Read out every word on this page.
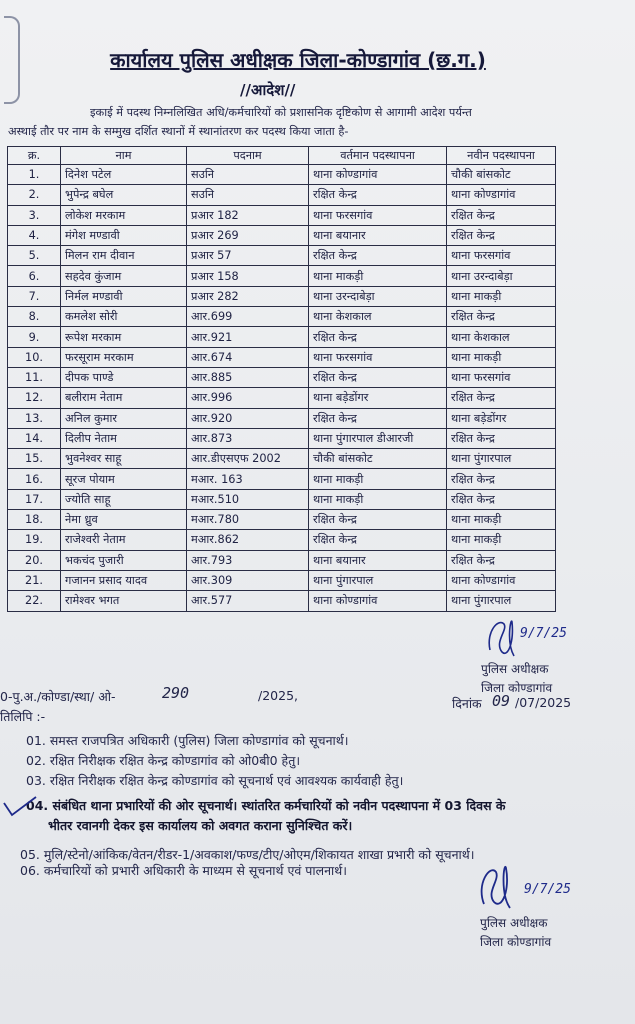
कार्यालय पुलिस अधीक्षक जिला-कोण्डागांव (छ.ग.)
//आदेश//

इकाई में पदस्थ निम्नलिखित अधि/कर्मचारियों को प्रशासनिक दृष्टिकोण से आगामी आदेश पर्यन्त

अस्थाई तौर पर नाम के सम्मुख दर्शित स्थानों में स्थानांतरण कर पदस्थ किया जाता है-

क्र.	नाम	पदनाम	वर्तमान पदस्थापना	नवीन पदस्थापना
1.	दिनेश पटेल	सउनि	थाना कोण्डागांव	चौकी बांसकोट
2.	भुपेन्द्र बघेल	सउनि	रक्षित केन्द्र	थाना कोण्डागांव
3.	लोकेश मरकाम	प्रआर 182	थाना फरसगांव	रक्षित केन्द्र
4.	मंगेश मण्डावी	प्रआर 269	थाना बयानार	रक्षित केन्द्र
5.	मिलन राम दीवान	प्रआर 57	रक्षित केन्द्र	थाना फरसगांव
6.	सहदेव कुंजाम	प्रआर 158	थाना माकड़ी	थाना उरन्दाबेड़ा
7.	निर्मल मण्डावी	प्रआर 282	थाना उरन्दाबेड़ा	थाना माकड़ी
8.	कमलेश सोरी	आर.699	थाना केशकाल	रक्षित केन्द्र
9.	रूपेश मरकाम	आर.921	रक्षित केन्द्र	थाना केशकाल
10.	फरसूराम मरकाम	आर.674	थाना फरसगांव	थाना माकड़ी
11.	दीपक पाण्डे	आर.885	रक्षित केन्द्र	थाना फरसगांव
12.	बलीराम नेताम	आर.996	थाना बड़ेडोंगर	रक्षित केन्द्र
13.	अनिल कुमार	आर.920	रक्षित केन्द्र	थाना बड़ेडोंगर
14.	दिलीप नेताम	आर.873	थाना पुंगारपाल डीआरजी	रक्षित केन्द्र
15.	भुवनेश्वर साहू	आर.डीएसएफ 2002	चौकी बांसकोट	थाना पुंगारपाल
16.	सूरज पोयाम	मआर. 163	थाना माकड़ी	रक्षित केन्द्र
17.	ज्योति साहू	मआर.510	थाना माकड़ी	रक्षित केन्द्र
18.	नेमा ध्रुव	मआर.780	रक्षित केन्द्र	थाना माकड़ी
19.	राजेश्वरी नेताम	मआर.862	रक्षित केन्द्र	थाना माकड़ी
20.	भकचंद पुजारी	आर.793	थाना बयानार	रक्षित केन्द्र
21.	गजानन प्रसाद यादव	आर.309	थाना पुंगारपाल	थाना कोण्डागांव
22.	रामेश्वर भगत	आर.577	थाना कोण्डागांव	थाना पुंगारपाल
9/7/25
पुलिस अधीक्षक
जिला कोण्डागांव
0-पु.अ./कोण्डा/स्था/ ओ-	290	/2025,
दिनांक 09 /07/2025
तिलिपि :-
01. समस्त राजपत्रित अधिकारी (पुलिस) जिला कोण्डागांव को सूचनार्थ।
02. रक्षित निरीक्षक रक्षित केन्द्र कोण्डागांव को ओ0बी0 हेतु।
03. रक्षित निरीक्षक रक्षित केन्द्र कोण्डागांव को सूचनार्थ एवं आवश्यक कार्यवाही हेतु।
04. संबंधित थाना प्रभारियों की ओर सूचनार्थ। स्थांतरित कर्मचारियों को नवीन पदस्थापना में 03 दिवस के
भीतर रवानगी देकर इस कार्यालय को अवगत कराना सुनिश्चित करें।
05. मुलि/स्टेनो/आंकिक/वेतन/रीडर-1/अवकाश/फण्ड/टीए/ओएम/शिकायत शाखा प्रभारी को सूचनार्थ।
06. कर्मचारियों को प्रभारी अधिकारी के माध्यम से सूचनार्थ एवं पालनार्थ।
9/7/25
पुलिस अधीक्षक
जिला कोण्डागांव
